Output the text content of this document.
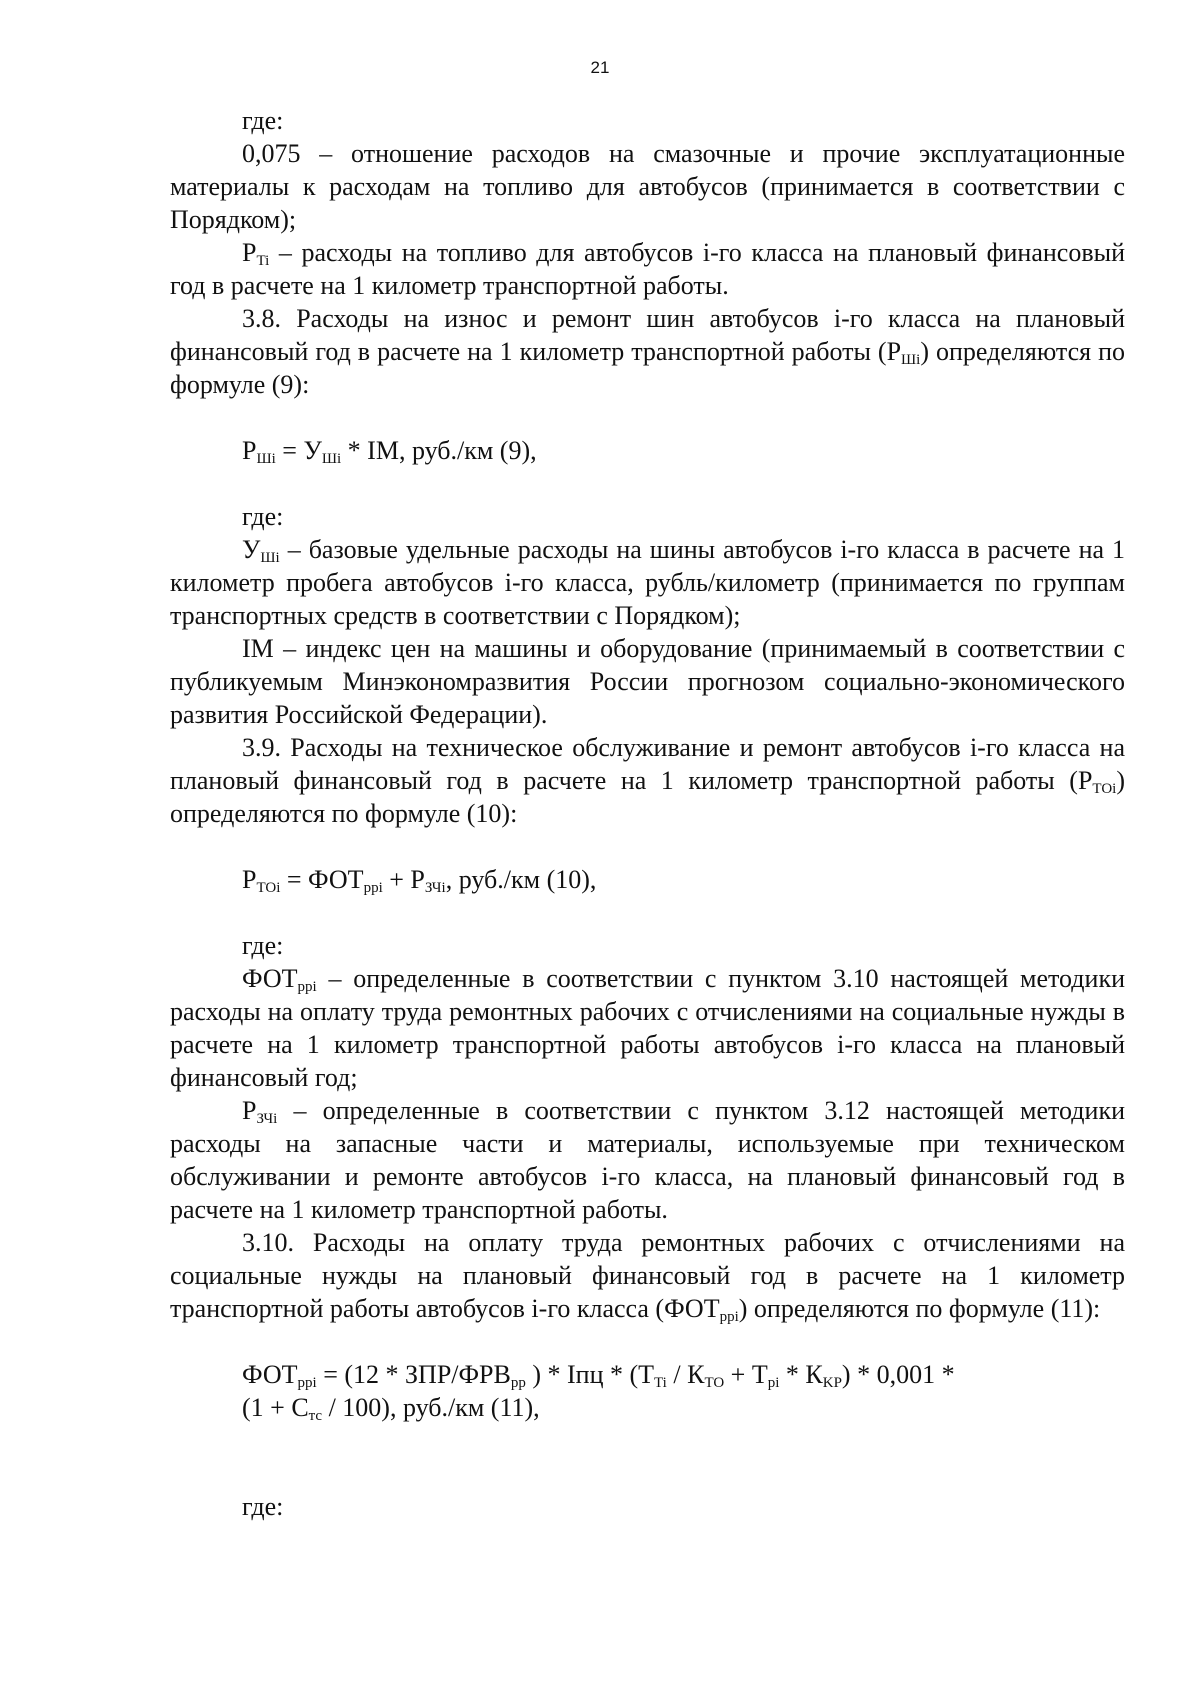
21

где:

0,075 – отношение расходов на смазочные и прочие эксплуатационные материалы к расходам на топливо для автобусов (принимается в соответствии с Порядком);

$P_{Ti}$ – расходы на топливо для автобусов i-го класса на плановый финансовый год в расчете на 1 километр транспортной работы.

3.8. Расходы на износ и ремонт шин автобусов i-го класса на плановый финансовый год в расчете на 1 километр транспортной работы $(P_{Шi})$ определяются по формуле (9):

$P_{Шi} = У_{Шi}$ * IМ, руб./км (9),

где:

$У_{Шi}$ – базовые удельные расходы на шины автобусов i-го класса в расчете на 1 километр пробега автобусов i-го класса, рубль/километр (принимается по группам транспортных средств в соответствии с Порядком);

IМ – индекс цен на машины и оборудование (принимаемый в соответствии с публикуемым Минэкономразвития России прогнозом социально-экономического развития Российской Федерации).

3.9. Расходы на техническое обслуживание и ремонт автобусов i-го класса на плановый финансовый год в расчете на 1 километр транспортной работы $(P_{TOi})$ определяются по формуле (10):

$P_{TOi} = ФОТ_{ppi} + P_{ЗЧi}$, руб./км (10),

где:

$ФОТ_{ppi}$ – определенные в соответствии с пунктом 3.10 настоящей методики расходы на оплату труда ремонтных рабочих с отчислениями на социальные нужды в расчете на 1 километр транспортной работы автобусов i-го класса на плановый финансовый год;

$P_{ЗЧi}$ – определенные в соответствии с пунктом 3.12 настоящей методики расходы на запасные части и материалы, используемые при техническом обслуживании и ремонте автобусов i-го класса, на плановый финансовый год в расчете на 1 километр транспортной работы.

3.10. Расходы на оплату труда ремонтных рабочих с отчислениями на социальные нужды на плановый финансовый год в расчете на 1 километр транспортной работы автобусов i-го класса $(ФОТ_{ppi})$ определяются по формуле (11):

$ФОТ_{ppi} = (12 * ЗПР/ФРВ_{pp}$ ) * Iпц * $(Т_{Ti} / К_{TO} + Т_{pi} * К_{KP}) * 0,001$ *

$(1 + С_{тс} / 100)$, руб./км (11),

где:
